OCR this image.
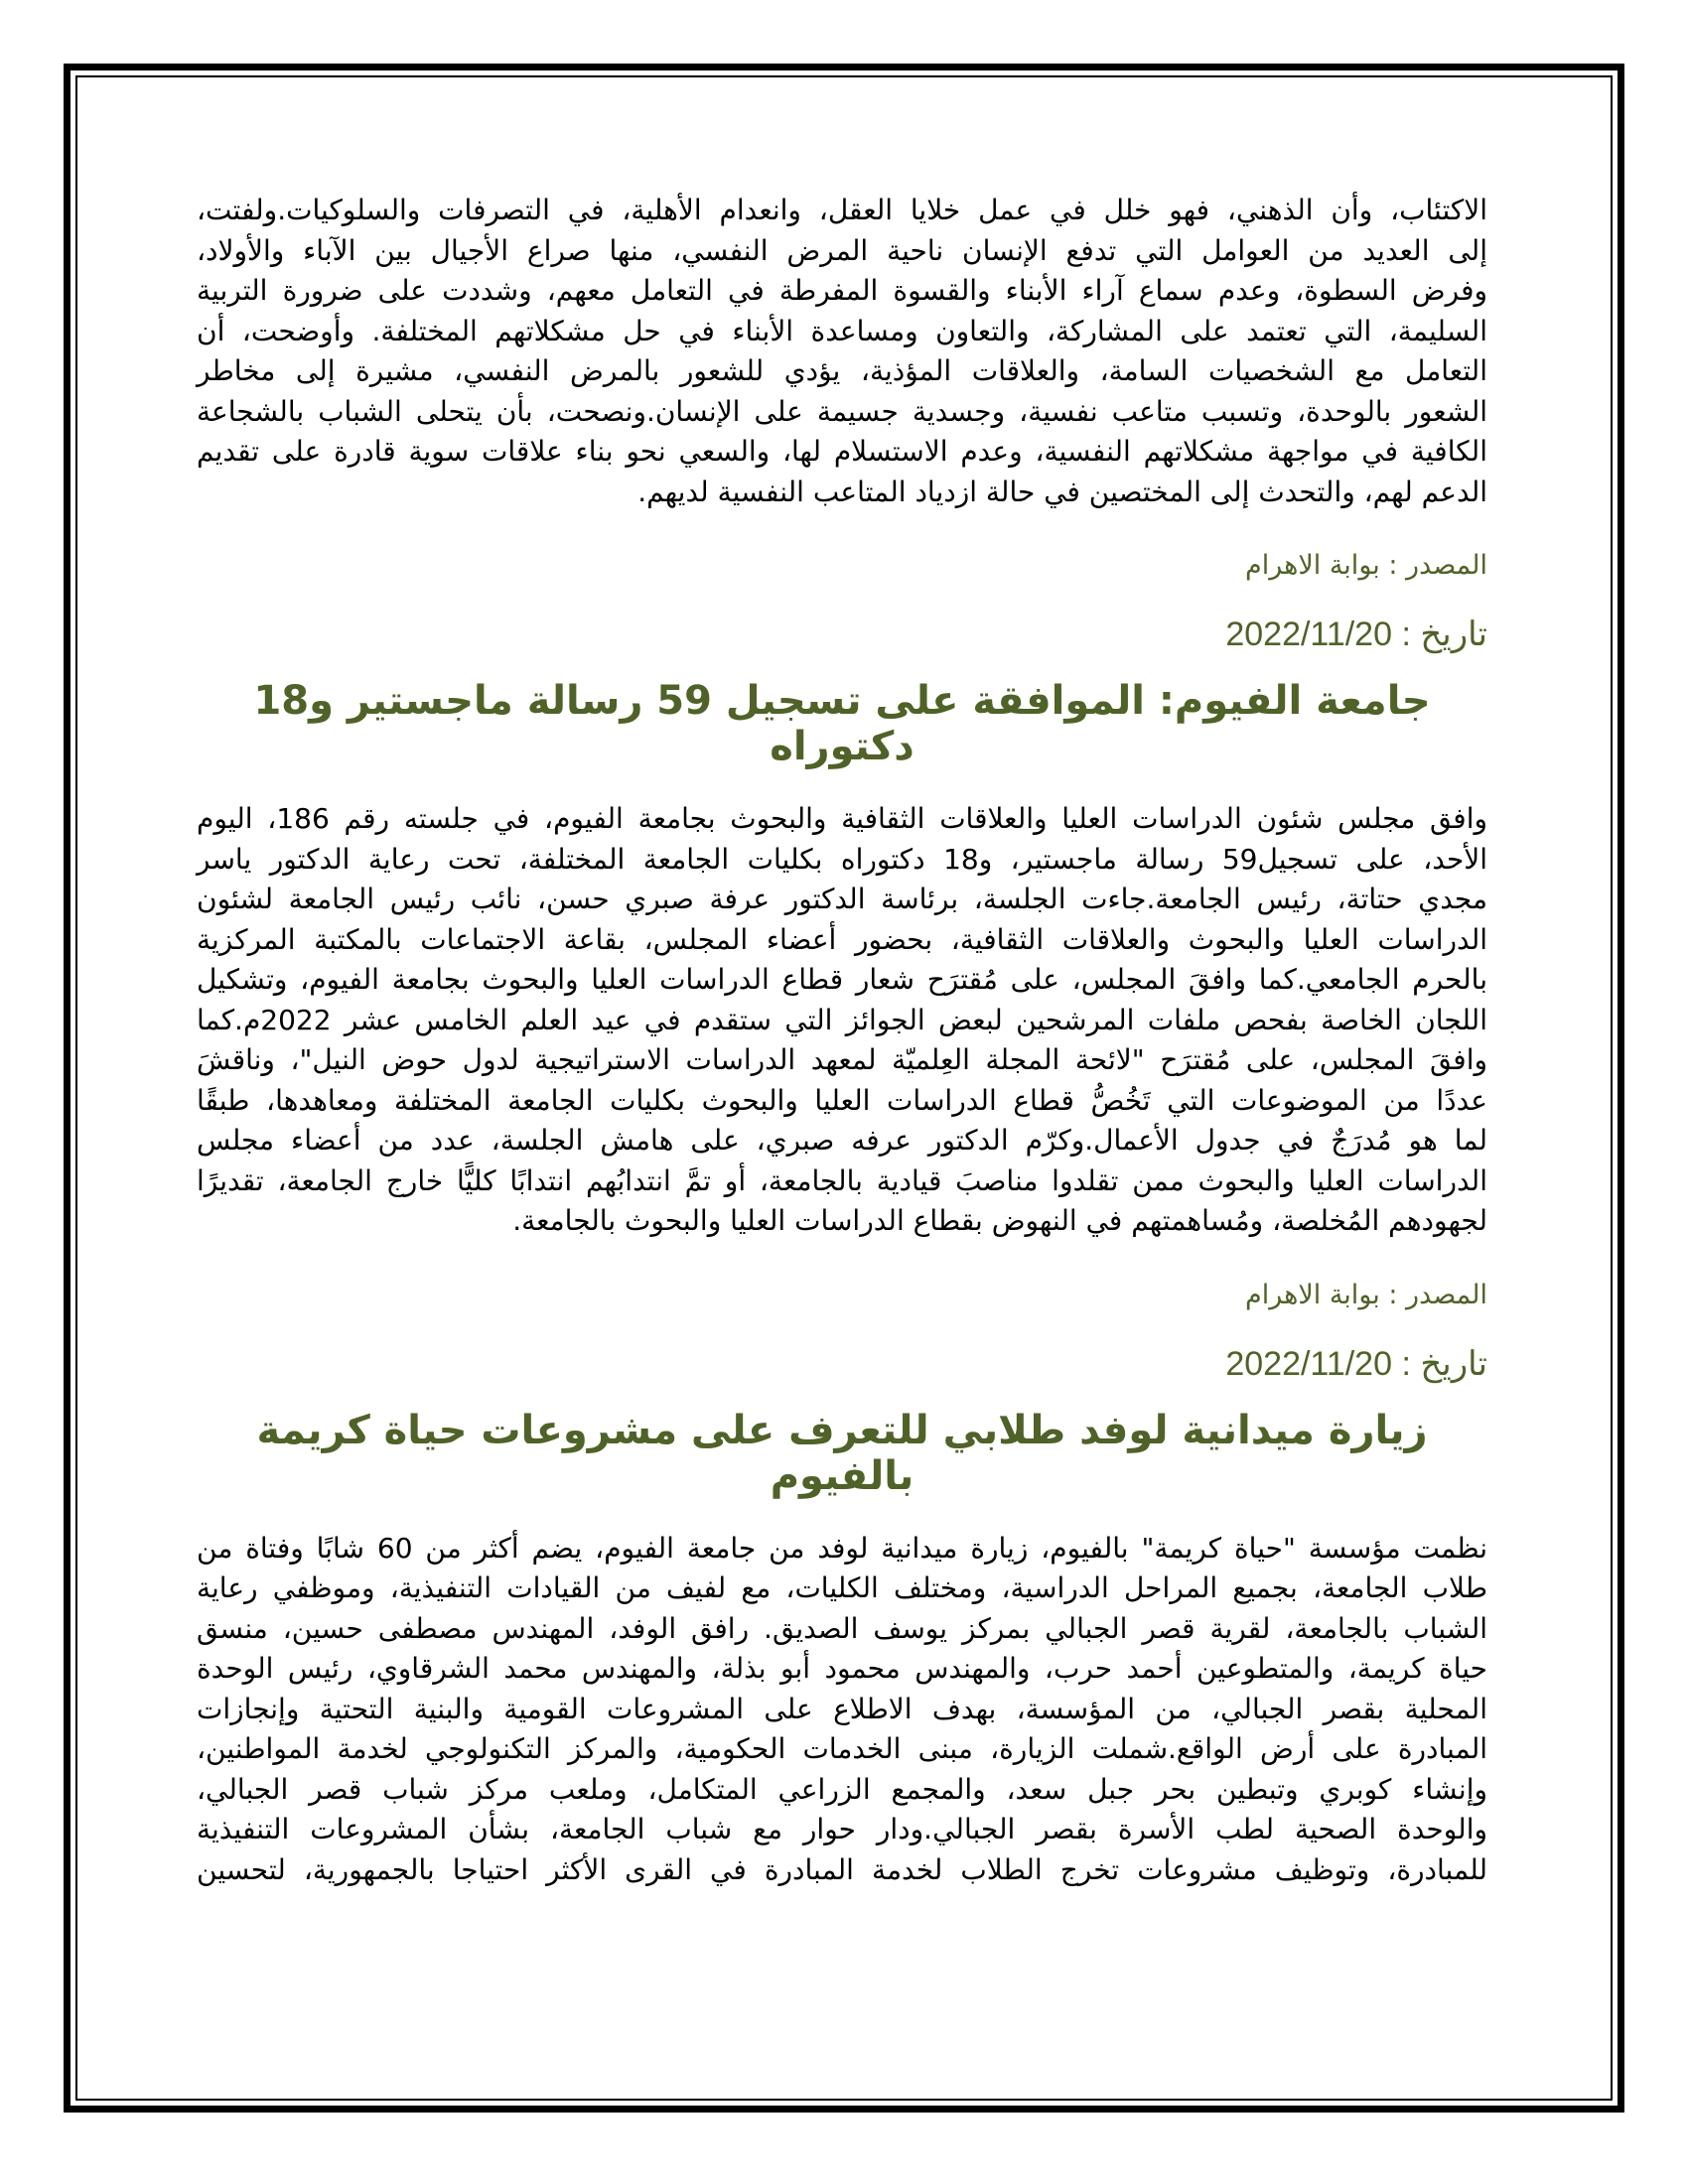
الاكتئاب، وأن الذهني، فهو خلل في عمل خلايا العقل، وانعدام الأهلية، في التصرفات والسلوكيات.ولفتت،
إلى العديد من العوامل التي تدفع الإنسان ناحية المرض النفسي، منها صراع الأجيال بين الآباء والأولاد،
وفرض السطوة، وعدم سماع آراء الأبناء والقسوة المفرطة في التعامل معهم، وشددت على ضرورة التربية
السليمة، التي تعتمد على المشاركة، والتعاون ومساعدة الأبناء في حل مشكلاتهم المختلفة. وأوضحت، أن
التعامل مع الشخصيات السامة، والعلاقات المؤذية، يؤدي للشعور بالمرض النفسي، مشيرة إلى مخاطر
الشعور بالوحدة، وتسبب متاعب نفسية، وجسدية جسيمة على الإنسان.ونصحت، بأن يتحلى الشباب بالشجاعة
الكافية في مواجهة مشكلاتهم النفسية، وعدم الاستسلام لها، والسعي نحو بناء علاقات سوية قادرة على تقديم
الدعم لهم، والتحدث إلى المختصين في حالة ازدياد المتاعب النفسية لديهم.

المصدر : بوابة الاهرام

تاريخ : 2022/11/20

جامعة الفيوم: الموافقة على تسجيل 59 رسالة ماجستير و18 دكتوراه
وافق مجلس شئون الدراسات العليا والعلاقات الثقافية والبحوث بجامعة الفيوم، في جلسته رقم 186، اليوم
الأحد، على تسجيل59 رسالة ماجستير، و18 دكتوراه بكليات الجامعة المختلفة، تحت رعاية الدكتور ياسر
مجدي حتاتة، رئيس الجامعة.جاءت الجلسة، برئاسة الدكتور عرفة صبري حسن، نائب رئيس الجامعة لشئون
الدراسات العليا والبحوث والعلاقات الثقافية، بحضور أعضاء المجلس، بقاعة الاجتماعات بالمكتبة المركزية
بالحرم الجامعي.كما وافقَ المجلس، على مُقترَح شعار قطاع الدراسات العليا والبحوث بجامعة الفيوم، وتشكيل
اللجان الخاصة بفحص ملفات المرشحين لبعض الجوائز التي ستقدم في عيد العلم الخامس عشر 2022م.كما
وافقَ المجلس، على مُقترَح "لائحة المجلة العِلميّة لمعهد الدراسات الاستراتيجية لدول حوض النيل"، وناقشَ
عددًا من الموضوعات التي تَخُصُّ قطاع الدراسات العليا والبحوث بكليات الجامعة المختلفة ومعاهدها، طبقًا
لما هو مُدرَجٌ في جدول الأعمال.وكرّم الدكتور عرفه صبري، على هامش الجلسة، عدد من أعضاء مجلس
الدراسات العليا والبحوث ممن تقلدوا مناصبَ قيادية بالجامعة، أو تمَّ انتدابُهم انتدابًا كليًّا خارج الجامعة، تقديرًا
لجهودهم المُخلصة، ومُساهمتهم في النهوض بقطاع الدراسات العليا والبحوث بالجامعة.

المصدر : بوابة الاهرام

تاريخ : 2022/11/20

زيارة ميدانية لوفد طلابي للتعرف على مشروعات حياة كريمة بالفيوم
نظمت مؤسسة "حياة كريمة" بالفيوم، زيارة ميدانية لوفد من جامعة الفيوم، يضم أكثر من 60 شابًا وفتاة من
طلاب الجامعة، بجميع المراحل الدراسية، ومختلف الكليات، مع لفيف من القيادات التنفيذية، وموظفي رعاية
الشباب بالجامعة، لقرية قصر الجبالي بمركز يوسف الصديق. رافق الوفد، المهندس مصطفى حسين، منسق
حياة كريمة، والمتطوعين أحمد حرب، والمهندس محمود أبو بذلة، والمهندس محمد الشرقاوي، رئيس الوحدة
المحلية بقصر الجبالي، من المؤسسة، بهدف الاطلاع على المشروعات القومية والبنية التحتية وإنجازات
المبادرة على أرض الواقع.شملت الزيارة، مبنى الخدمات الحكومية، والمركز التكنولوجي لخدمة المواطنين،
وإنشاء كوبري وتبطين بحر جبل سعد، والمجمع الزراعي المتكامل، وملعب مركز شباب قصر الجبالي،
والوحدة الصحية لطب الأسرة بقصر الجبالي.ودار حوار مع شباب الجامعة، بشأن المشروعات التنفيذية
للمبادرة، وتوظيف مشروعات تخرج الطلاب لخدمة المبادرة في القرى الأكثر احتياجا بالجمهورية، لتحسين
